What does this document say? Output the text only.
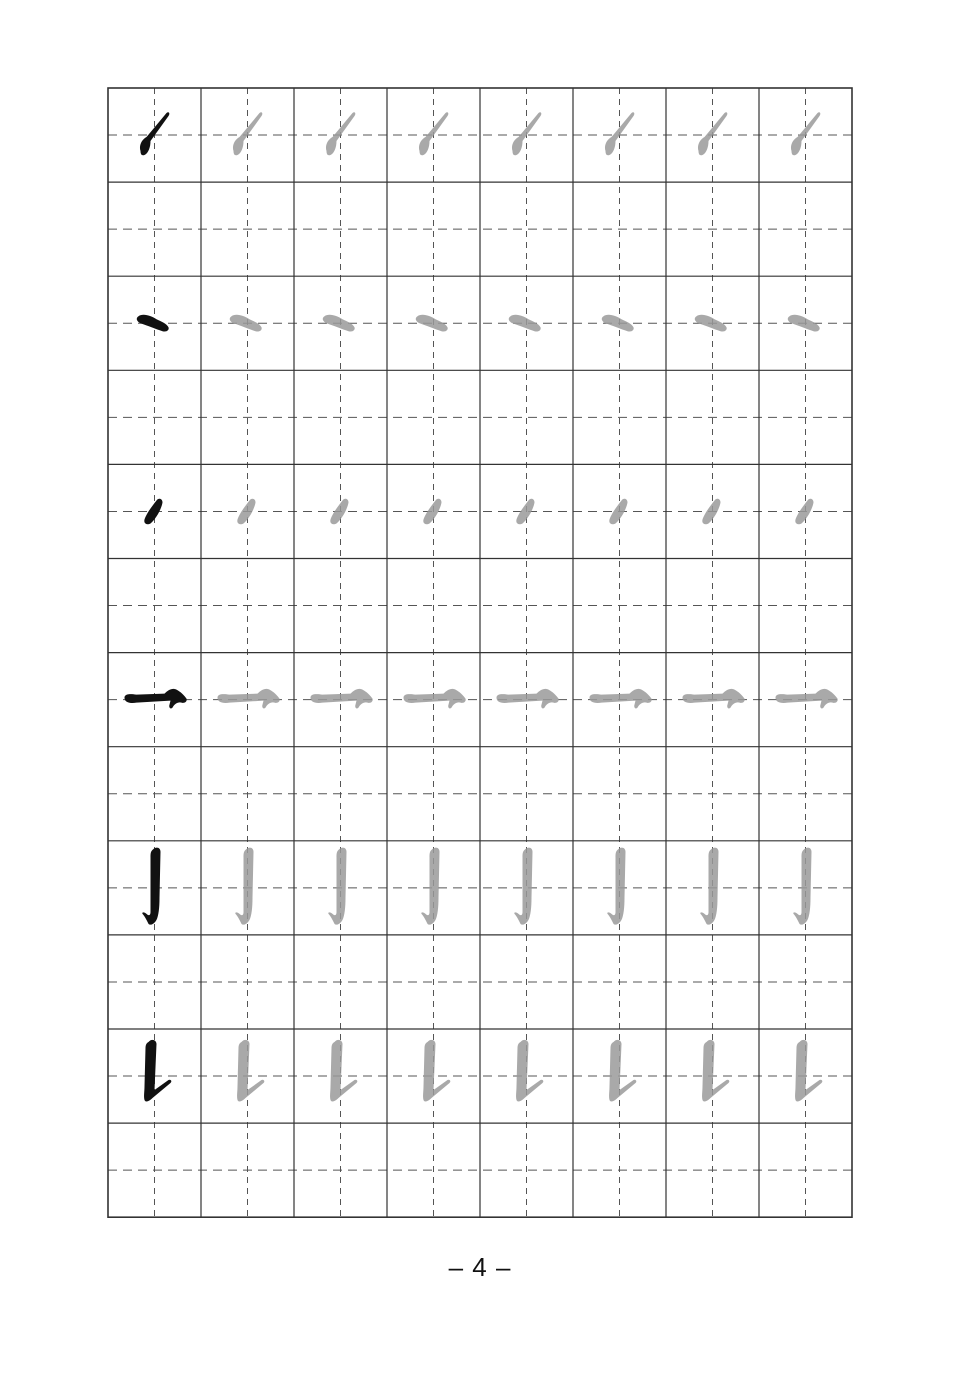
– 4 –
